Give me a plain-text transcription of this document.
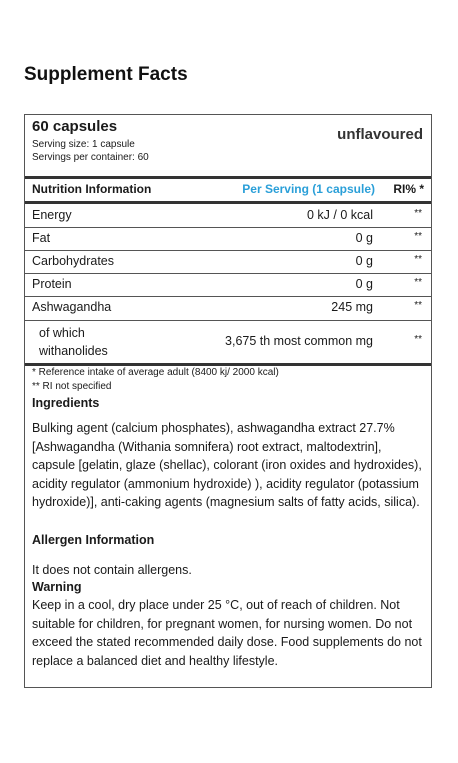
Supplement Facts
60 capsules
Serving size: 1 capsule
Servings per container: 60
unflavoured
Nutrition Information	Per Serving (1 capsule) RI% *
Energy	0 kJ / 0 kcal	**
Fat	0 g	**
Carbohydrates	0 g	**
Protein	0 g	**
Ashwagandha	245 mg	**
of which
withanolides
3,675 th most common mg	**
* Reference intake of average adult (8400 kj/ 2000 kcal)
** RI not specified
Ingredients
Bulking agent (calcium phosphates), ashwagandha extract 27.7% [Ashwagandha (Withania somnifera) root extract, maltodextrin], capsule [gelatin, glaze (shellac), colorant (iron oxides and hydroxides), acidity regulator (ammonium hydroxide) ), acidity regulator (potassium hydroxide)], anti-caking agents (magnesium salts of fatty acids, silica).
Allergen Information
It does not contain allergens.
Warning
Keep in a cool, dry place under 25 °C, out of reach of children. Not suitable for children, for pregnant women, for nursing women. Do not exceed the stated recommended daily dose. Food supplements do not replace a balanced diet and healthy lifestyle.
